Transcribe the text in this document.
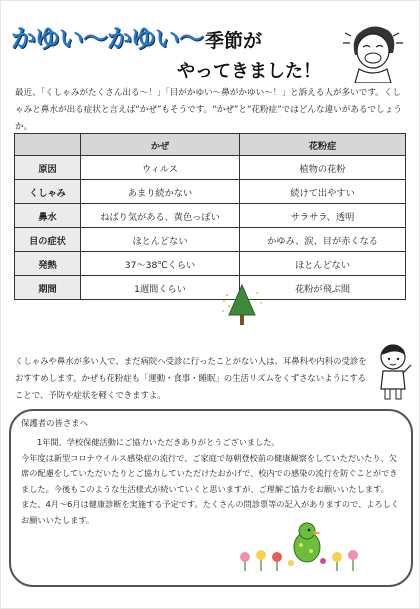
かゆい〜かゆい〜 季節が
やってきました！

最近、「くしゃみがたくさん出る〜！」「目がかゆい〜鼻がかゆい〜！」と訴える人が多いです。くしゃみと鼻水が出る症状と言えば“かぜ”もそうです。“かぜ”と“花粉症”ではどんな違いがあるでしょうか。

	かぜ	花粉症
原因	ウィルス	植物の花粉
くしゃみ	あまり続かない	続けて出やすい
鼻水	ねばり気がある、黄色っぽい	サラサラ、透明
目の症状	ほとんどない	かゆみ、涙、目が赤くなる
発熱	37〜38℃くらい	ほとんどない
期間	1週間くらい	花粉が飛ぶ間

くしゃみや鼻水が多い人で、まだ病院へ受診に行ったことがない人は、耳鼻科や内科の受診をおすすめします。かぜも花粉症も「運動・食事・睡眠」の生活リズムをくずさないようにすることで、予防や症状を軽くできますよ。

保護者の皆さまへ

1年間、学校保健活動にご協力いただきありがとうございました。

今年度は新型コロナウイルス感染症の流行で、ご家庭で毎朝登校前の健康観察をしていただいたり、欠席の配慮をしていただいたりとご協力していただけたおかげで、校内での感染の流行を防ぐことができました。今後もこのような生活様式が続いていくと思いますが、ご理解ご協力をお願いいたします。

また、4月〜6月は健康診断を実施する予定です。たくさんの問診票等の記入がありますので、よろしくお願いいたします。
